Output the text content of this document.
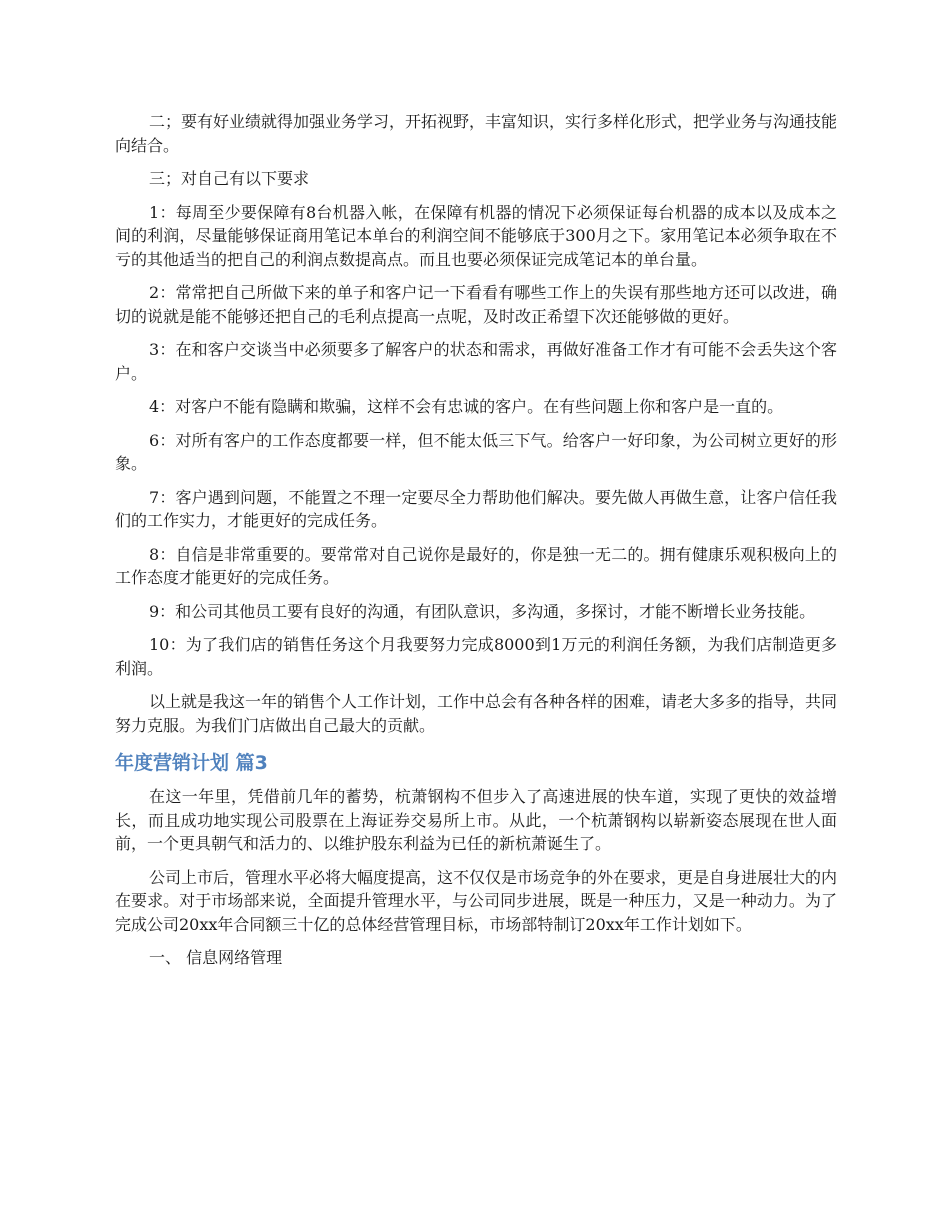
二；要有好业绩就得加强业务学习，开拓视野，丰富知识，实行多样化形式，把学业务与沟通技能向结合。

三；对自己有以下要求

1：每周至少要保障有8台机器入帐，在保障有机器的情况下必须保证每台机器的成本以及成本之间的利润，尽量能够保证商用笔记本单台的利润空间不能够底于300月之下。家用笔记本必须争取在不亏的其他适当的把自己的利润点数提高点。而且也要必须保证完成笔记本的单台量。

2：常常把自己所做下来的单子和客户记一下看看有哪些工作上的失误有那些地方还可以改进，确切的说就是能不能够还把自己的毛利点提高一点呢，及时改正希望下次还能够做的更好。

3：在和客户交谈当中必须要多了解客户的状态和需求，再做好准备工作才有可能不会丢失这个客户。

4：对客户不能有隐瞒和欺骗，这样不会有忠诚的客户。在有些问题上你和客户是一直的。

6：对所有客户的工作态度都要一样，但不能太低三下气。给客户一好印象，为公司树立更好的形象。

7：客户遇到问题，不能置之不理一定要尽全力帮助他们解决。要先做人再做生意，让客户信任我们的工作实力，才能更好的完成任务。

8：自信是非常重要的。要常常对自己说你是最好的，你是独一无二的。拥有健康乐观积极向上的工作态度才能更好的完成任务。

9：和公司其他员工要有良好的沟通，有团队意识，多沟通，多探讨，才能不断增长业务技能。

10：为了我们店的销售任务这个月我要努力完成8000到1万元的利润任务额，为我们店制造更多利润。

以上就是我这一年的销售个人工作计划，工作中总会有各种各样的困难，请老大多多的指导，共同努力克服。为我们门店做出自己最大的贡献。

年度营销计划 篇3

在这一年里，凭借前几年的蓄势，杭萧钢构不但步入了高速进展的快车道，实现了更快的效益增长，而且成功地实现公司股票在上海证券交易所上市。从此，一个杭萧钢构以崭新姿态展现在世人面前，一个更具朝气和活力的、以维护股东利益为已任的新杭萧诞生了。

公司上市后，管理水平必将大幅度提高，这不仅仅是市场竞争的外在要求，更是自身进展壮大的内在要求。对于市场部来说，全面提升管理水平，与公司同步进展，既是一种压力，又是一种动力。为了完成公司20xx年合同额三十亿的总体经营管理目标，市场部特制订20xx年工作计划如下。

一、 信息网络管理
